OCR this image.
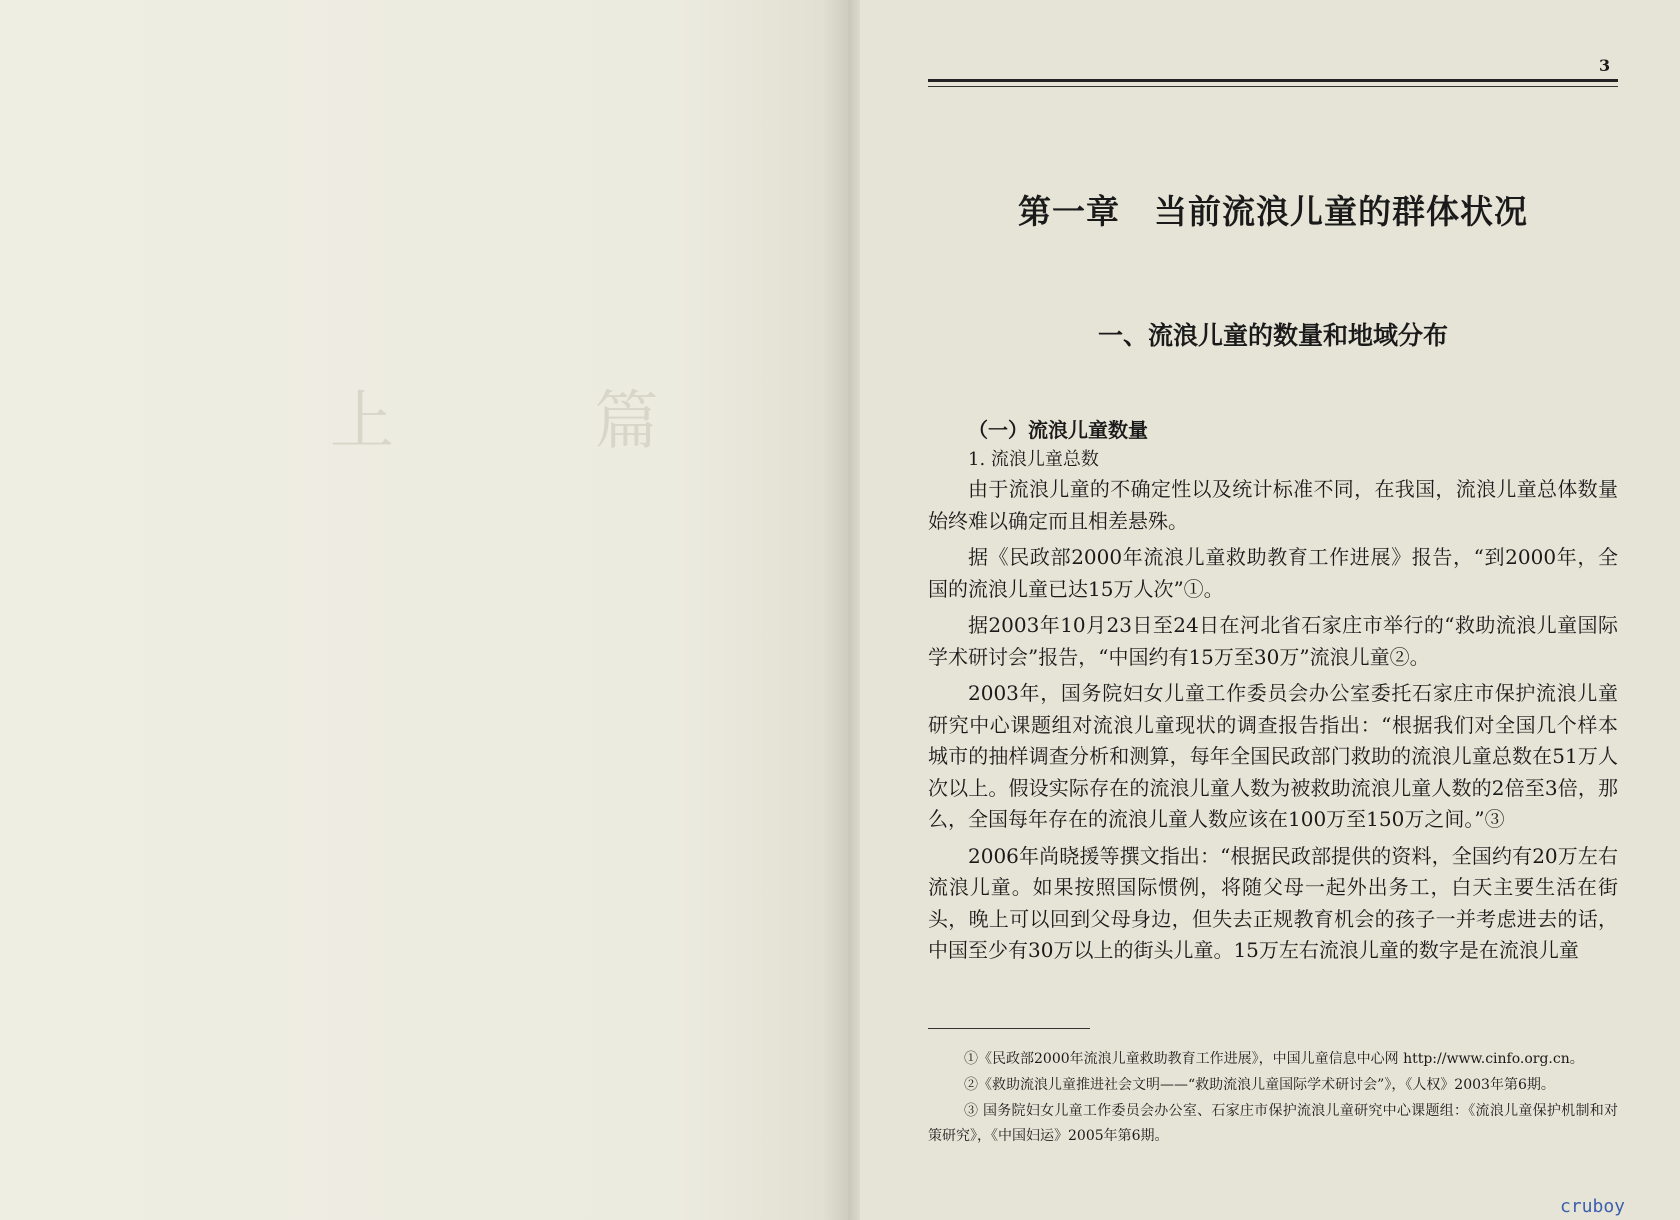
上 篇
3
第一章　当前流浪儿童的群体状况
一、流浪儿童的数量和地域分布
（一）流浪儿童数量
1. 流浪儿童总数

由于流浪儿童的不确定性以及统计标准不同，在我国，流浪儿童总体数量始终难以确定而且相差悬殊。

据《民政部2000年流浪儿童救助教育工作进展》报告，“到2000年，全国的流浪儿童已达15万人次”①。

据2003年10月23日至24日在河北省石家庄市举行的“救助流浪儿童国际学术研讨会”报告，“中国约有15万至30万”流浪儿童②。

2003年，国务院妇女儿童工作委员会办公室委托石家庄市保护流浪儿童研究中心课题组对流浪儿童现状的调查报告指出：“根据我们对全国几个样本城市的抽样调查分析和测算，每年全国民政部门救助的流浪儿童总数在51万人次以上。假设实际存在的流浪儿童人数为被救助流浪儿童人数的2倍至3倍，那么，全国每年存在的流浪儿童人数应该在100万至150万之间。”③

2006年尚晓援等撰文指出：“根据民政部提供的资料，全国约有20万左右流浪儿童。如果按照国际惯例，将随父母一起外出务工，白天主要生活在街头，晚上可以回到父母身边，但失去正规教育机会的孩子一并考虑进去的话，中国至少有30万以上的街头儿童。15万左右流浪儿童的数字是在流浪儿童

①《民政部2000年流浪儿童救助教育工作进展》，中国儿童信息中心网 http://www.cinfo.org.cn。

②《救助流浪儿童推进社会文明——“救助流浪儿童国际学术研讨会”》，《人权》2003年第6期。

③ 国务院妇女儿童工作委员会办公室、石家庄市保护流浪儿童研究中心课题组：《流浪儿童保护机制和对策研究》，《中国妇运》2005年第6期。

cruboy
